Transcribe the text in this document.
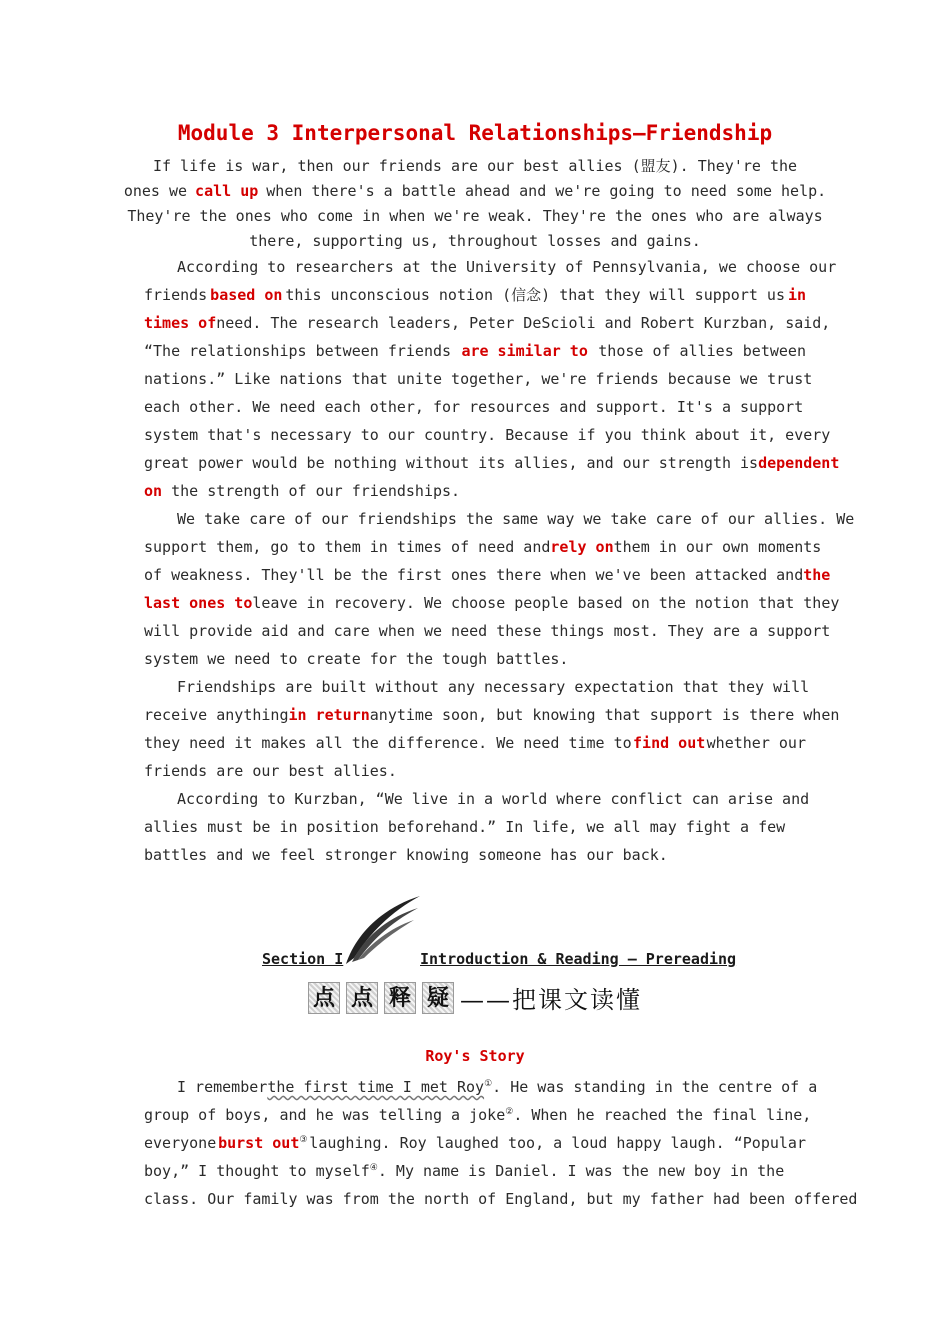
Module 3 Interpersonal Relationships—Friendship
If life is war, then our friends are our best allies (盟友). They're the
ones we call up when there's a battle ahead and we're going to need some help.
They're the ones who come in when we're weak. They're the ones who are always
there, supporting us, throughout losses and gains.
According to researchers at the University of Pennsylvania, we choose our
friends based on this unconscious notion (信念) that they will support us in
times of need. The research leaders, Peter DeScioli and Robert Kurzban, said,
“The relationships between friends are similar to those of allies between
nations.” Like nations that unite together, we're friends because we trust
each other. We need each other, for resources and support. It's a support
system that's necessary to our country. Because if you think about it, every
great power would be nothing without its allies, and our strength is dependent
on the strength of our friendships.
We take care of our friendships the same way we take care of our allies. We
support them, go to them in times of need and rely on them in our own moments
of weakness. They'll be the first ones there when we've been attacked and the
last ones to leave in recovery. We choose people based on the notion that they
will provide aid and care when we need these things most. They are a support
system we need to create for the tough battles.
Friendships are built without any necessary expectation that they will
receive anything in return anytime soon, but knowing that support is there when
they need it makes all the difference. We need time to find out whether our
friends are our best allies.
According to Kurzban, “We live in a world where conflict can arise and
allies must be in position beforehand.” In life, we all may fight a few
battles and we feel stronger knowing someone has our back.
Section I	Introduction & Reading — Prereading
点 点 释 疑 ——把课文读懂
Roy's Story
I remember the first time I met Roy①. He was standing in the centre of a
group of boys, and he was telling a joke②. When he reached the final line,
everyone burst out③ laughing. Roy laughed too, a loud happy laugh. “Popular
boy,” I thought to myself④. My name is Daniel. I was the new boy in the
class. Our family was from the north of England, but my father had been offered
